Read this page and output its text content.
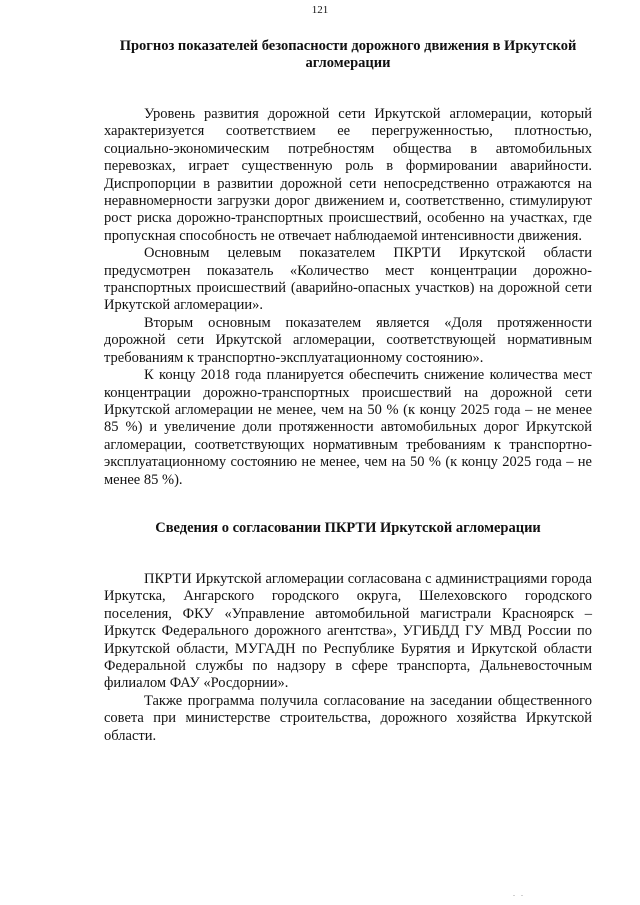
121
Прогноз показателей безопасности дорожного движения в Иркутской агломерации

Уровень развития дорожной сети Иркутской агломерации, который характеризуется соответствием ее перегруженностью, плотностью, социально-экономическим потребностям общества в автомобильных перевозках, играет существенную роль в формировании аварийности. Диспропорции в развитии дорожной сети непосредственно отражаются на неравномерности загрузки дорог движением и, соответственно, стимулируют рост риска дорожно-транспортных происшествий, особенно на участках, где пропускная способность не отвечает наблюдаемой интенсивности движения.

Основным целевым показателем ПКРТИ Иркутской области предусмотрен показатель «Количество мест концентрации дорожно-транспортных происшествий (аварийно-опасных участков) на дорожной сети Иркутской агломерации».

Вторым основным показателем является «Доля протяженности дорожной сети Иркутской агломерации, соответствующей нормативным требованиям к транспортно-эксплуатационному состоянию».

К концу 2018 года планируется обеспечить снижение количества мест концентрации дорожно-транспортных происшествий на дорожной сети Иркутской агломерации не менее, чем на 50 % (к концу 2025 года – не менее 85 %) и увеличение доли протяженности автомобильных дорог Иркутской агломерации, соответствующих нормативным требованиям к транспортно-эксплуатационному состоянию не менее, чем на 50 % (к концу 2025 года – не менее 85 %).

Сведения о согласовании ПКРТИ Иркутской агломерации

ПКРТИ Иркутской агломерации согласована с администрациями города Иркутска, Ангарского городского округа, Шелеховского городского поселения, ФКУ «Управление автомобильной магистрали Красноярск – Иркутск Федерального дорожного агентства», УГИБДД ГУ МВД России по Иркутской области, МУГАДН по Республике Бурятия и Иркутской области Федеральной службы по надзору в сфере транспорта, Дальневосточным филиалом ФАУ «Росдорнии».

Также программа получила согласование на заседании общественного совета при министерстве строительства, дорожного хозяйства Иркутской области.

. .
